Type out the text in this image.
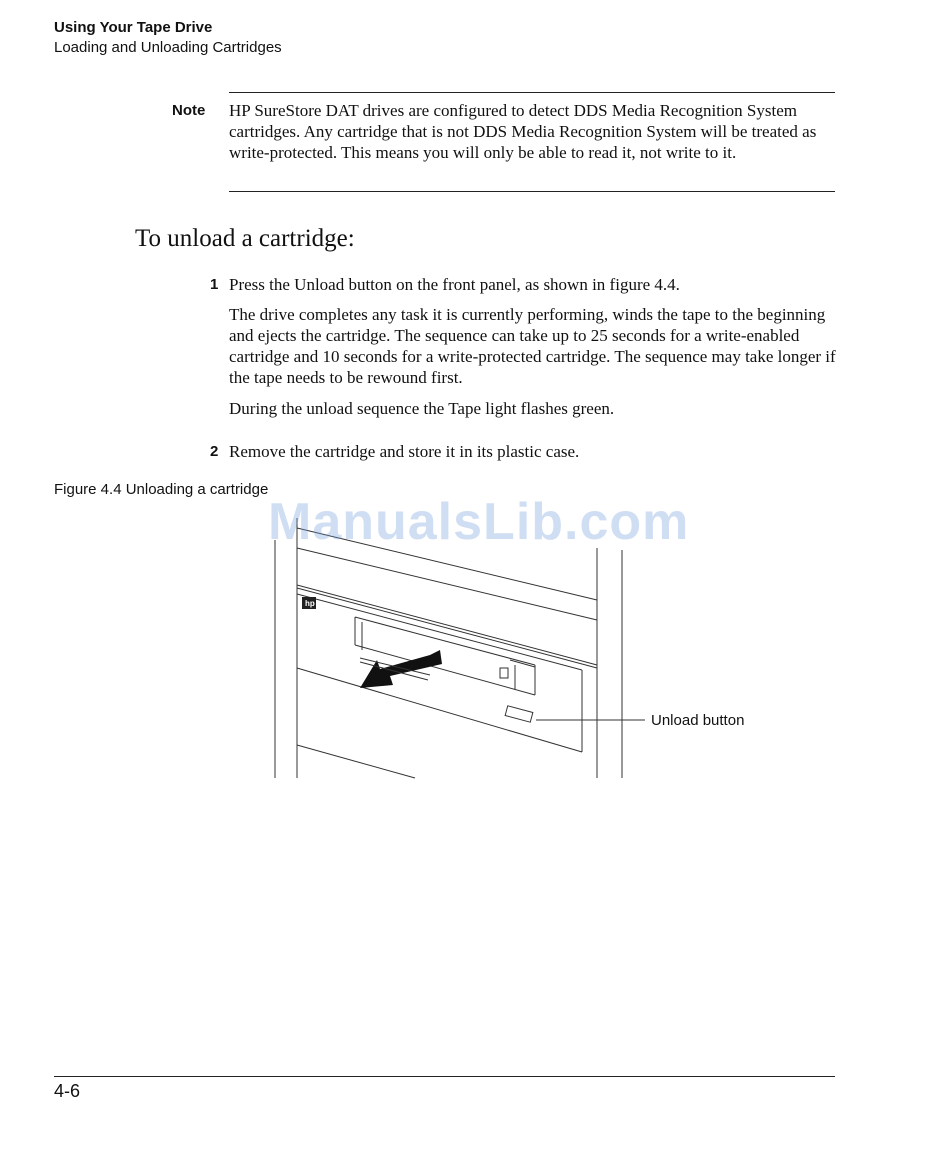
Using Your Tape Drive
Loading and Unloading Cartridges
Note HP SureStore DAT drives are configured to detect DDS Media Recognition System cartridges. Any cartridge that is not DDS Media Recognition System will be treated as write-protected. This means you will only be able to read it, not write to it.
To unload a cartridge:
1 Press the Unload button on the front panel, as shown in figure 4.4.
The drive completes any task it is currently performing, winds the tape to the beginning and ejects the cartridge. The sequence can take up to 25 seconds for a write-enabled cartridge and 10 seconds for a write-protected cartridge. The sequence may take longer if the tape needs to be rewound first.
During the unload sequence the Tape light flashes green.
2 Remove the cartridge and store it in its plastic case.
Figure 4.4 Unloading a cartridge
hp
ManualsLib.com
Unload button
4-6
